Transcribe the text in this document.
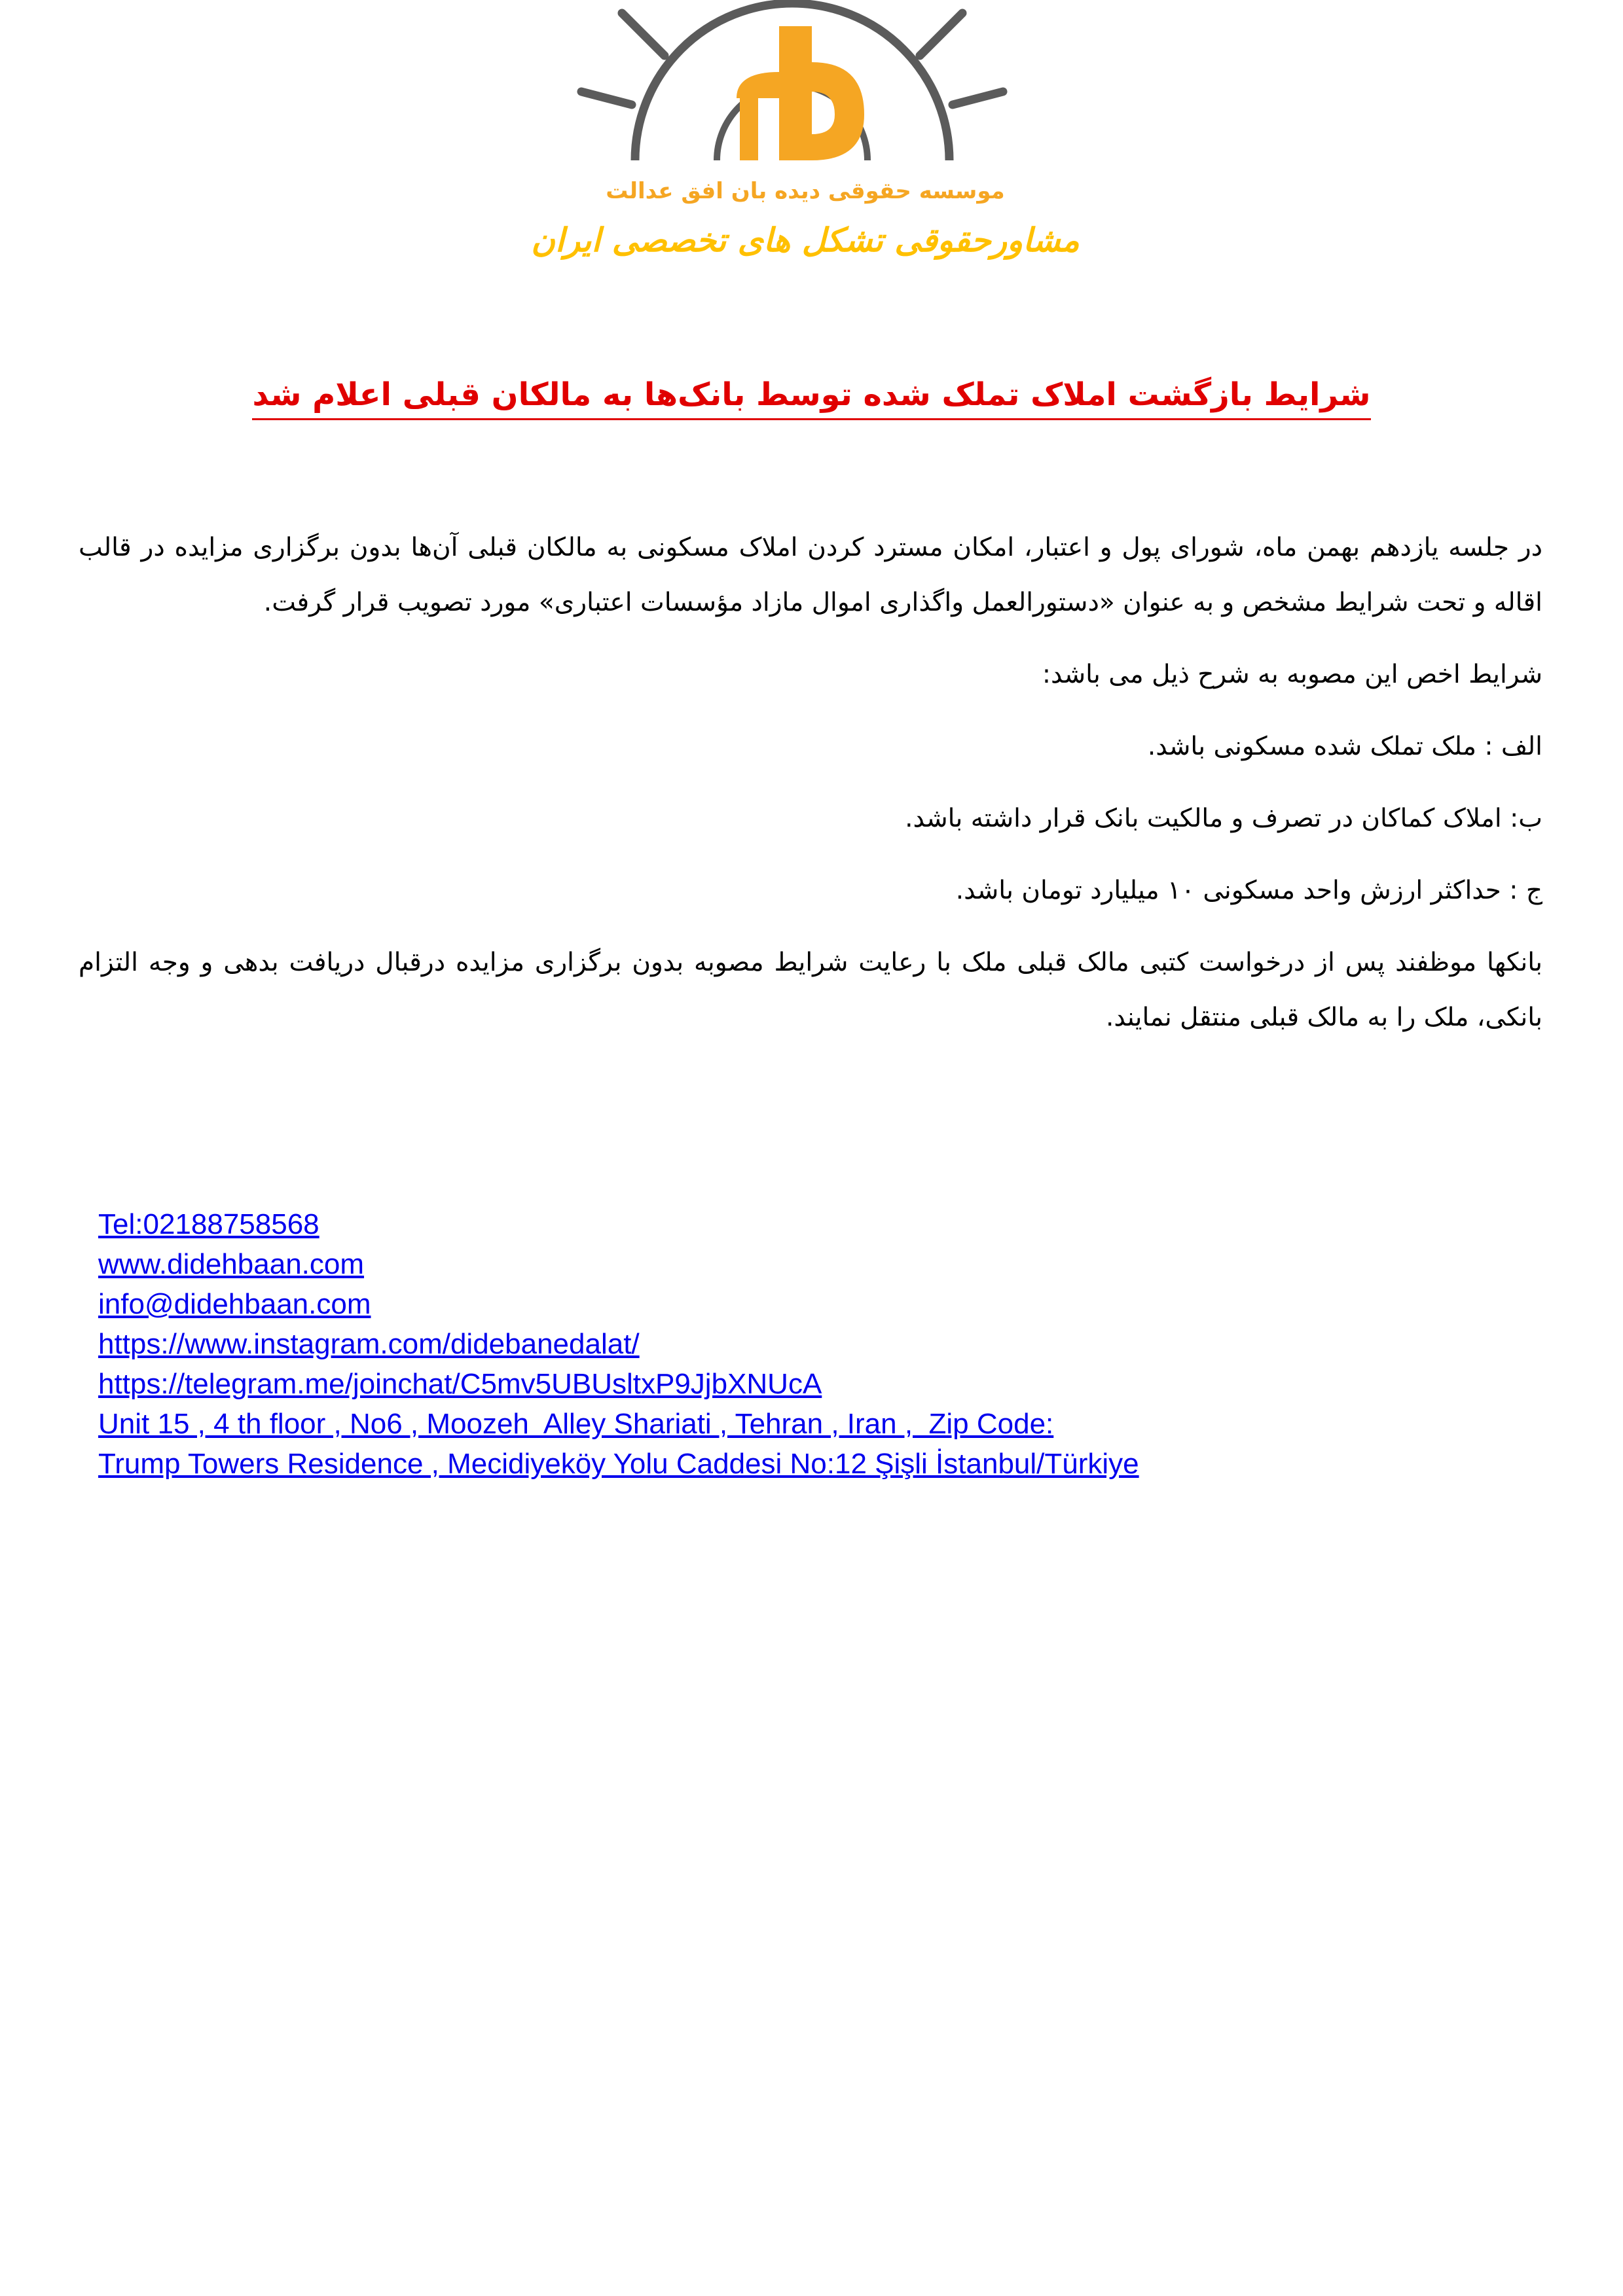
موسسه حقوقی دیده بان افق عدالت
مشاورحقوقی تشکل های تخصصی ایران
شرایط بازگشت املاک تملک شده توسط بانک‌ها به مالکان قبلی اعلام شد

در جلسه یازدهم بهمن ماه، شورای پول و اعتبار، امکان مسترد کردن املاک مسکونی به مالکان قبلی آن‌ها بدون برگزاری مزایده در قالب اقاله و تحت شرایط مشخص و به عنوان «دستورالعمل واگذاری اموال مازاد مؤسسات اعتباری» مورد تصویب قرار گرفت.

شرایط اخص این مصوبه به شرح ذیل می باشد:

الف : ملک تملک شده مسکونی باشد.

ب: املاک کماکان در تصرف و مالکیت بانک قرار داشته باشد.

ج : حداکثر ارزش واحد مسکونی ۱۰ میلیارد تومان باشد.

بانکها موظفند پس از درخواست کتبی مالک قبلی ملک با رعایت شرایط مصوبه بدون برگزاری مزایده درقبال دریافت بدهی و وجه التزام بانکی، ملک را به مالک قبلی منتقل نمایند.

Tel:02188758568
www.didehbaan.com
info@didehbaan.com
https://www.instagram.com/didebanedalat/
https://telegram.me/joinchat/C5mv5UBUsltxP9JjbXNUcA
Unit 15 , 4 th floor , No6 , Moozeh  Alley Shariati , Tehran , Iran ,  Zip Code:
Trump Towers Residence , Mecidiyeköy Yolu Caddesi No:12 Şişli İstanbul/Türkiye
